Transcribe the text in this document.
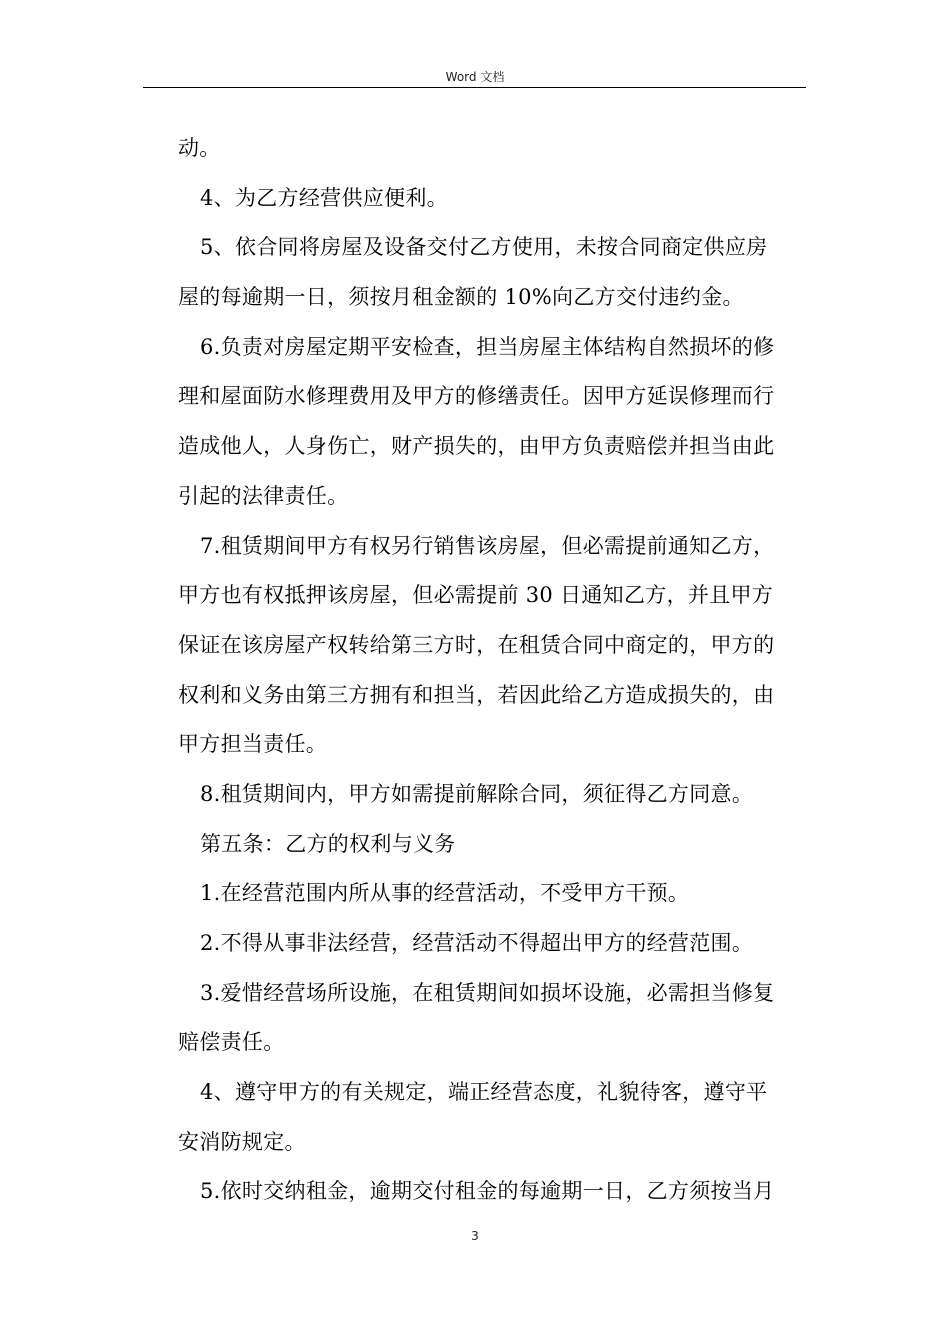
Word 文档
动。
4、为乙方经营供应便利。
5、依合同将房屋及设备交付乙方使用，未按合同商定供应房
屋的每逾期一日，须按月租金额的 10%向乙方交付违约金。
6.负责对房屋定期平安检查，担当房屋主体结构自然损坏的修
理和屋面防水修理费用及甲方的修缮责任。因甲方延误修理而行
造成他人，人身伤亡，财产损失的，由甲方负责赔偿并担当由此
引起的法律责任。
7.租赁期间甲方有权另行销售该房屋，但必需提前通知乙方，
甲方也有权抵押该房屋，但必需提前 30 日通知乙方，并且甲方
保证在该房屋产权转给第三方时，在租赁合同中商定的，甲方的
权利和义务由第三方拥有和担当，若因此给乙方造成损失的，由
甲方担当责任。
8.租赁期间内，甲方如需提前解除合同，须征得乙方同意。
第五条：乙方的权利与义务
1.在经营范围内所从事的经营活动，不受甲方干预。
2.不得从事非法经营，经营活动不得超出甲方的经营范围。
3.爱惜经营场所设施，在租赁期间如损坏设施，必需担当修复
赔偿责任。
4、遵守甲方的有关规定，端正经营态度，礼貌待客，遵守平
安消防规定。
5.依时交纳租金，逾期交付租金的每逾期一日，乙方须按当月
3
